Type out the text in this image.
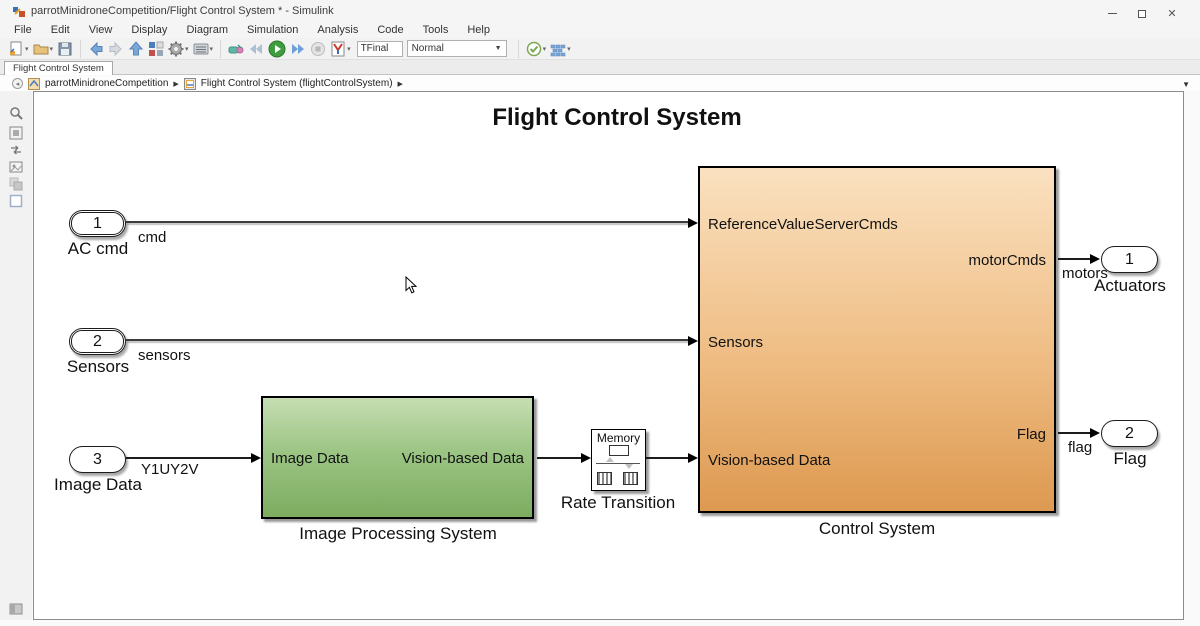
parrotMinidroneCompetition/Flight Control System * - Simulink	✕
File Edit View Display Diagram Simulation Analysis Code Tools Help
▾	▾	▾	▾	▾
TFinal	Normal	▼	▾	▾
Flight Control System
◂	parrotMinidroneCompetition ▶ Flight Control System (flightControlSystem) ▶	▼
Flight Control System
1
AC cmd
cmd
2
Sensors
sensors
3
Image Data
Y1UY2V
Image Data	Vision-based Data
Image Processing System
Memory
Rate Transition
ReferenceValueServerCmds
Sensors
Vision-based Data
motorCmds
Flag
Control System
1
motors
Actuators
2
flag
Flag
